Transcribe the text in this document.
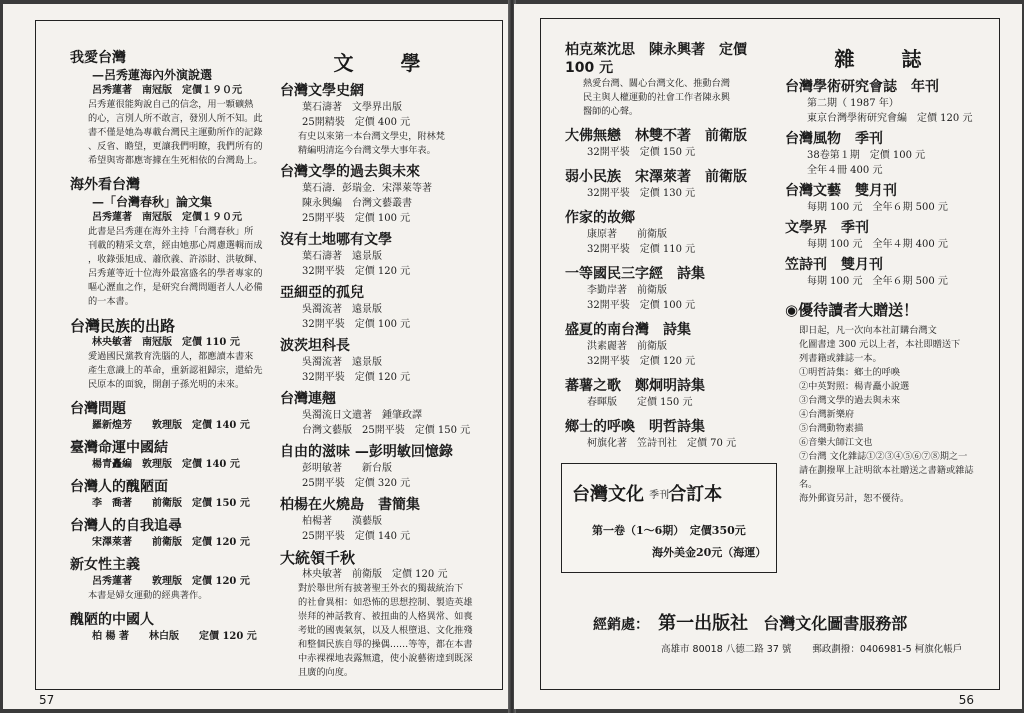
我愛台灣
—呂秀蓮海內外演說選
呂秀蓮著　南冠版　定價１９０元
呂秀蓮很能夠說自己的信念，用一顆礦熱
的心，言別人所不敢言，發別人所不知。此
書不僅是她為專載台灣民主運動所作的記錄
、反省、瞻望，更讓我們明瞭，我們所有的
希望與寄都應寄據在生死相依的台灣島上。
海外看台灣
—「台灣春秋」論文集
呂秀蓮著　南冠版　定價１９０元
此書是呂秀蓮在海外主持「台灣春秋」所
刊載的精采文章，經由她那心周慮選輯而成
，收錄張旭成、蕭欣義、許添財、洪敏輝、
呂秀蓮等近十位海外最富盛名的學者專家的
嘔心瀝血之作，是研究台灣問題者人人必備
的一本書。
台灣民族的出路
林央敏著　南冠版　定價 110 元
愛過國民黨教育洗腦的人，都應讀本書來
產生意識上的革命，重新認祖歸宗，還給先
民原本的面貌，開創子孫光明的未來。
台灣問題
羅新煌芳　　敦理版　定價 140 元
臺灣命運中國結
楊青矗編　敦理版　定價 140 元
台灣人的醜陋面
李　喬著　　前衛版　定價 150 元
台灣人的自我追尋
宋澤萊著　　前衛版　定價 120 元
新女性主義
呂秀蓮著　　敦理版　定價 120 元
本書是婦女運動的經典著作。
醜陋的中國人
柏 楊 著　　林白版　　定價 120 元
文 學
台灣文學史網
葉石濤著　文學界出版
25開精裝　定價 400 元
有史以來第一本台灣文學史，附林梵
精編明清迄今台灣文學大事年表。
台灣文學的過去與未來
葉石濤．彭瑞金．宋澤萊等著
陳永興編　台灣文藝叢書
25開平裝　定價 100 元
沒有土地哪有文學
葉石濤著　遠景版
32開平裝　定價 120 元
亞細亞的孤兒
吳濁流著　遠景版
32開平裝　定價 100 元
波茨坦科長
吳濁流著　遠景版
32開平裝　定價 120 元
台灣連翹
吳濁流日文遺著　鍾肇政譯
台灣文藝版　25開平裝　定價 150 元
自由的滋味 —彭明敏回憶錄
彭明敏著　　新台版
25開平裝　定價 320 元
柏楊在火燒島　書簡集
柏楊著　　漢藝版
25開平裝　定價 140 元
大統領千秋
林央敏著　前衛版　定價 120 元
對於舉世所有披著聖王外衣的獨裁統治下
的社會異相：如恐怖的思想控制、製造英雄
崇拜的神話教育、被扭曲的人格異常、如喪
考妣的國喪氣氛，以及人根墮退、文化推殘
和整個民族自辱的操偶……等等，都在本書
中赤裸裸地表露無遺，使小說藝術達到既深
且廣的向度。
57
柏克萊沈思　陳永興著　定價 100 元
熱愛台灣、關心台灣文化、推動台灣
民主與人權運動的社會工作者陳永興
醫師的心聲。
大佛無戀　林雙不著　前衛版
32開平裝　定價 150 元
弱小民族　宋澤萊著　前衛版
32開平裝　定價 130 元
作家的故鄉
康原著　　前衛版
32開平裝　定價 110 元
一等國民三字經　詩集
李勤岸著　前衛版
32開平裝　定價 100 元
盛夏的南台灣　詩集
洪素麗著　前衛版
32開平裝　定價 120 元
蕃薯之歌　鄭炯明詩集
春暉版　　定價 150 元
鄉士的呼喚　明哲詩集
柯旗化著　笠詩刊社　定價 70 元
雜 誌
台灣學術研究會誌　年刊
第二期（ 1987 年）
東京台灣學術研究會編　定價 120 元
台灣風物　季刊
38卷第１期　定價 100 元
全年４冊 400 元
台灣文藝　雙月刊
每期 100 元　全年６期 500 元
文學界　季刊
每期 100 元　全年４期 400 元
笠詩刊　雙月刊
每期 100 元　全年６期 500 元
◉優待讀者大贈送！
即日起，凡一次向本社訂購台灣文
化圖書達 300 元以上者，本社即贈送下
列書籍或雜誌一本。
①明哲詩集：鄉土的呼喚
②中英對照：楊青矗小說選
③台灣文學的過去與未來
④台灣新樂府
⑤台灣動物素描
⑥音樂大師江文也
⑦台灣 文化雜誌①②③④⑤⑥⑦⑧期之一
請在劃撥單上註明欲本社贈送之書籍或雜誌名。
海外郵資另計，恕不優待。
台灣文化 季刊 合訂本
第一卷（1～6期）　定價350元
海外美金20元（海運）
經銷處： 第一出版社 台灣文化圖書服務部
高雄市 80018 八德二路 37 號 郵政劃撥：0406981-5 柯旗化帳戶
56
